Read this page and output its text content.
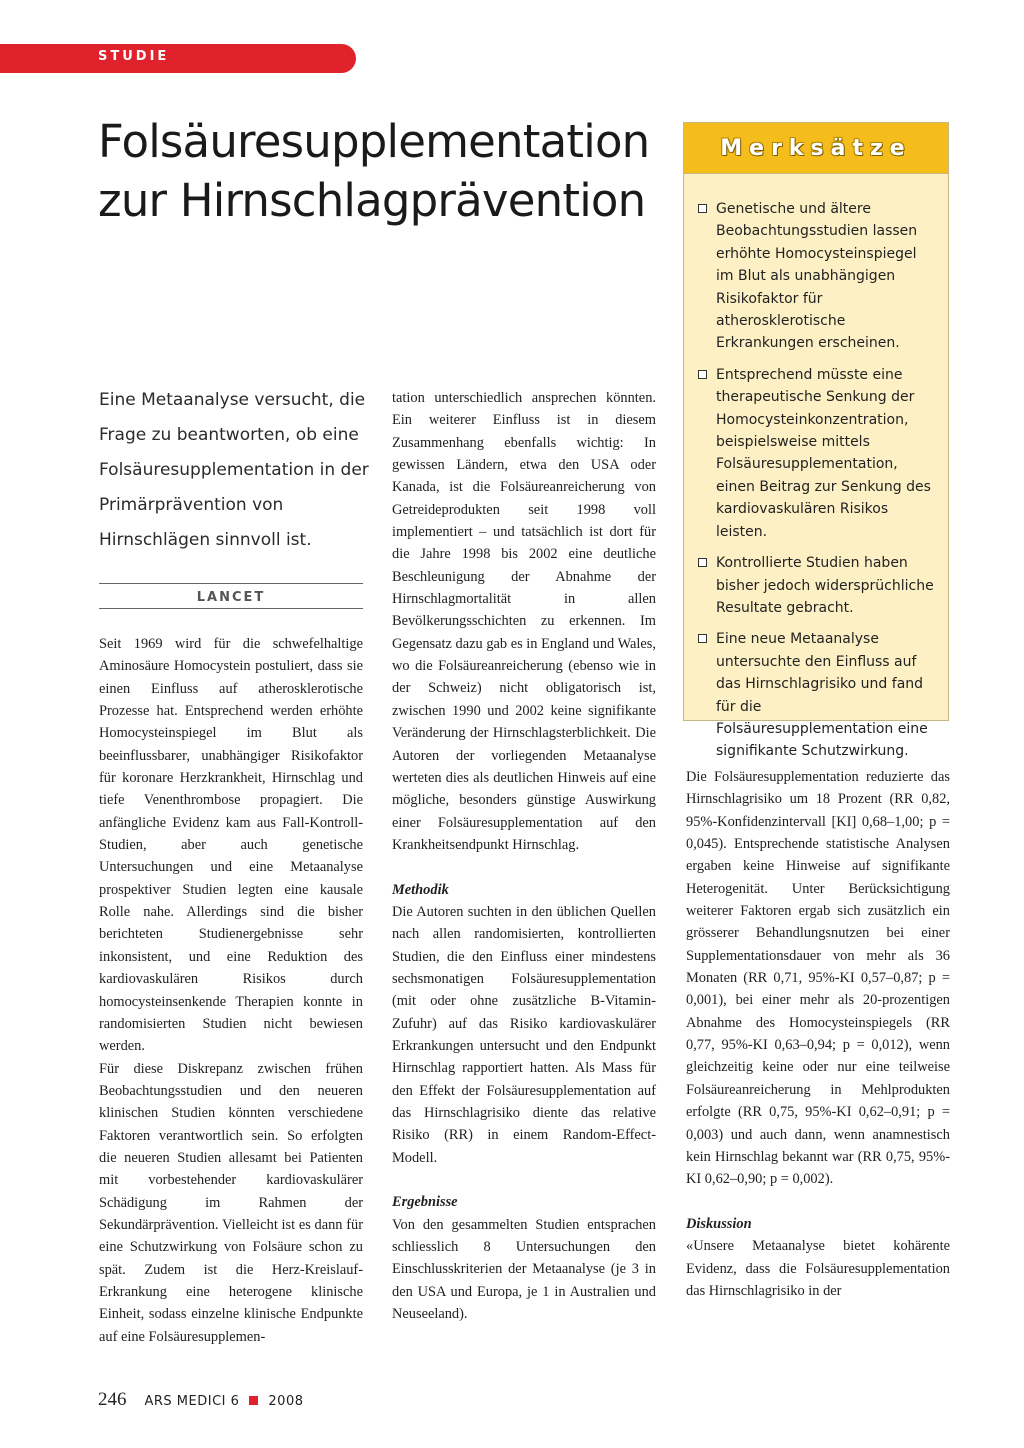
STUDIE
Folsäuresupplementation
zur Hirnschlagprävention

Eine Metaanalyse versucht, die Frage zu beantworten, ob eine Folsäuresupplementation in der Primärprävention von Hirnschlägen sinnvoll ist.

LANCET

Seit 1969 wird für die schwefelhaltige Aminosäure Homocystein postuliert, dass sie einen Einfluss auf atherosklerotische Prozesse hat. Entsprechend werden erhöhte Homocysteinspiegel im Blut als beeinflussbarer, unabhängiger Risikofaktor für koronare Herzkrankheit, Hirnschlag und tiefe Venenthrombose propagiert. Die anfängliche Evidenz kam aus Fall-Kontroll-Studien, aber auch genetische Untersuchungen und eine Metaanalyse prospektiver Studien legten eine kausale Rolle nahe. Allerdings sind die bisher berichteten Studienergebnisse sehr inkonsistent, und eine Reduktion des kardiovaskulären Risikos durch homocysteinsenkende Therapien konnte in randomisierten Studien nicht bewiesen werden.

Für diese Diskrepanz zwischen frühen Beobachtungsstudien und den neueren klinischen Studien könnten verschiedene Faktoren verantwortlich sein. So erfolgten die neueren Studien allesamt bei Patienten mit vorbestehender kardiovaskulärer Schädigung im Rahmen der Sekundärprävention. Vielleicht ist es dann für eine Schutzwirkung von Folsäure schon zu spät. Zudem ist die Herz-Kreislauf-Erkrankung eine heterogene klinische Einheit, sodass einzelne klinische Endpunkte auf eine Folsäuresupplemen-

tation unterschiedlich ansprechen könnten. Ein weiterer Einfluss ist in diesem Zusammenhang ebenfalls wichtig: In gewissen Ländern, etwa den USA oder Kanada, ist die Folsäureanreicherung von Getreideprodukten seit 1998 voll implementiert – und tatsächlich ist dort für die Jahre 1998 bis 2002 eine deutliche Beschleunigung der Abnahme der Hirnschlagmortalität in allen Bevölkerungsschichten zu erkennen. Im Gegensatz dazu gab es in England und Wales, wo die Folsäureanreicherung (ebenso wie in der Schweiz) nicht obligatorisch ist, zwischen 1990 und 2002 keine signifikante Veränderung der Hirnschlagsterblichkeit. Die Autoren der vorliegenden Metaanalyse werteten dies als deutlichen Hinweis auf eine mögliche, besonders günstige Auswirkung einer Folsäuresupplementation auf den Krankheitsendpunkt Hirnschlag.

Methodik

Die Autoren suchten in den üblichen Quellen nach allen randomisierten, kontrollierten Studien, die den Einfluss einer mindestens sechsmonatigen Folsäuresupplementation (mit oder ohne zusätzliche B-Vitamin-Zufuhr) auf das Risiko kardiovaskulärer Erkrankungen untersucht und den Endpunkt Hirnschlag rapportiert hatten. Als Mass für den Effekt der Folsäuresupplementation auf das Hirnschlagrisiko diente das relative Risiko (RR) in einem Random-Effect-Modell.

Ergebnisse

Von den gesammelten Studien entsprachen schliesslich 8 Untersuchungen den Einschlusskriterien der Metaanalyse (je 3 in den USA und Europa, je 1 in Australien und Neuseeland).

Die Folsäuresupplementation reduzierte das Hirnschlagrisiko um 18 Prozent (RR 0,82, 95%-Konfidenzintervall [KI] 0,68–1,00; p = 0,045). Entsprechende statistische Analysen ergaben keine Hinweise auf signifikante Heterogenität. Unter Berücksichtigung weiterer Faktoren ergab sich zusätzlich ein grösserer Behandlungsnutzen bei einer Supplementationsdauer von mehr als 36 Monaten (RR 0,71, 95%-KI 0,57–0,87; p = 0,001), bei einer mehr als 20-prozentigen Abnahme des Homocysteinspiegels (RR 0,77, 95%-KI 0,63–0,94; p = 0,012), wenn gleichzeitig keine oder nur eine teilweise Folsäureanreicherung in Mehlprodukten erfolgte (RR 0,75, 95%-KI 0,62–0,91; p = 0,003) und auch dann, wenn anamnestisch kein Hirnschlag bekannt war (RR 0,75, 95%-KI 0,62–0,90; p = 0,002).

Diskussion

«Unsere Metaanalyse bietet kohärente Evidenz, dass die Folsäuresupplementation das Hirnschlagrisiko in der

Merksätze
Genetische und ältere Beobachtungsstudien lassen erhöhte Homocysteinspiegel im Blut als unabhängigen Risikofaktor für atherosklerotische Erkrankungen erscheinen.
Entsprechend müsste eine therapeutische Senkung der Homocysteinkonzentration, beispielsweise mittels Folsäuresupplementation, einen Beitrag zur Senkung des kardiovaskulären Risikos leisten.
Kontrollierte Studien haben bisher jedoch widersprüchliche Resultate gebracht.
Eine neue Metaanalyse untersuchte den Einfluss auf das Hirnschlagrisiko und fand für die Folsäuresupplementation eine signifikante Schutzwirkung.
246 ARS MEDICI 6 2008
